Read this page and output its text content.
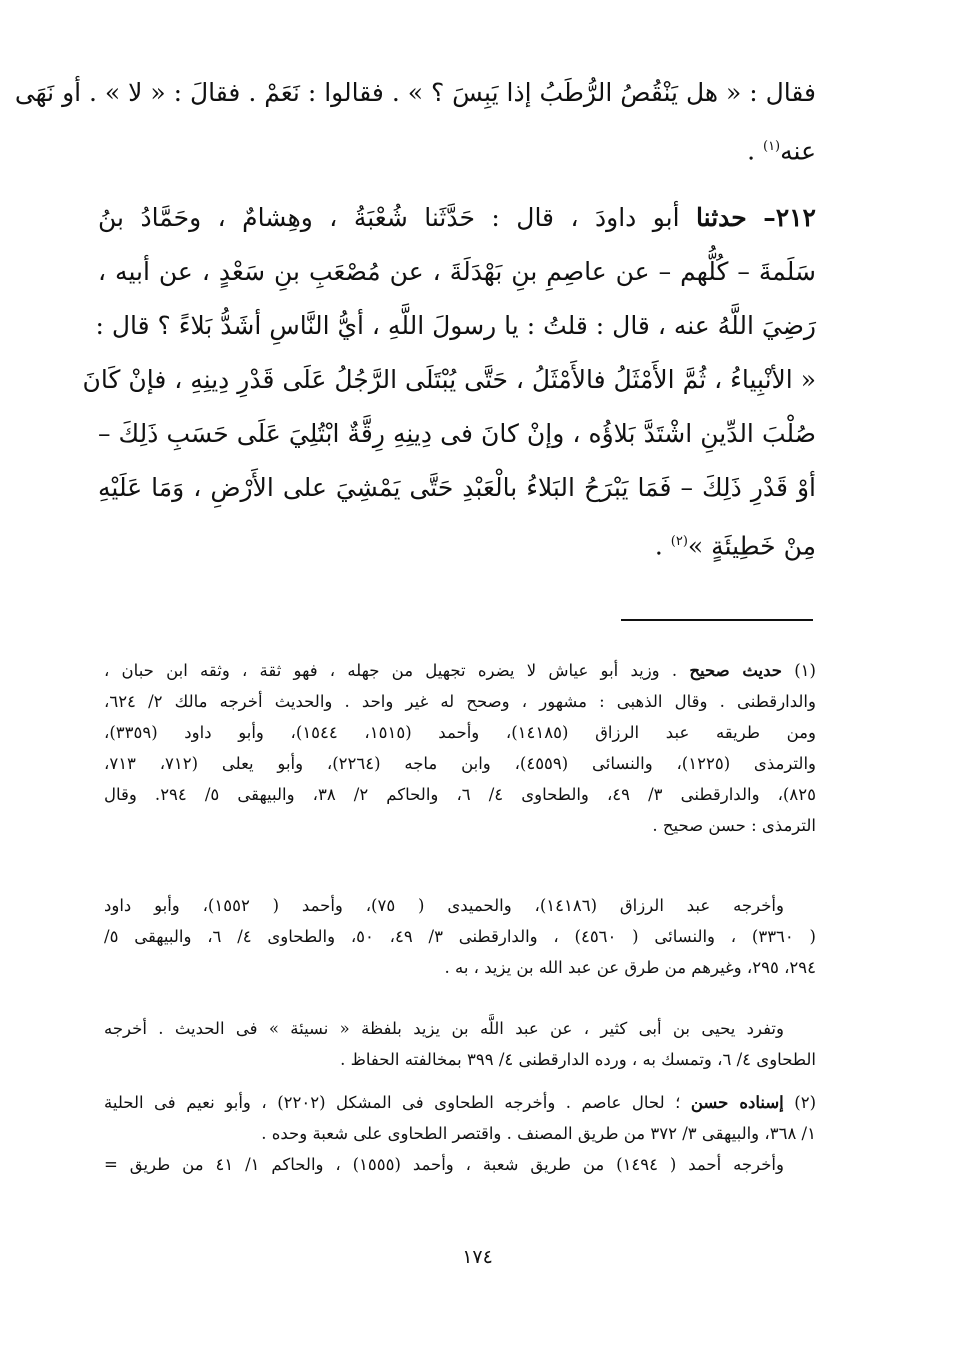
فقال : « هل يَنْقُصُ الرُّطَبُ إذا يَبِسَ ؟ » . فقالوا : نَعَمْ . فقالَ : « لا » . أو نَهَى
عنه$^{(١)}$ .
٢١٢– حدثنا أبو داودَ ، قال : حَدَّثَنا شُعْبَةُ ، وهِشامٌ ، وحَمَّادُ بنُ
سَلَمةَ – كُلُّهم – عن عاصِمِ بنِ بَهْدَلَةَ ، عن مُصْعَبِ بنِ سَعْدٍ ، عن أبيه ،
رَضِيَ اللَّهُ عنه ، قال : قلتُ : يا رسولَ اللَّهِ ، أيُّ النَّاسِ أشَدُّ بَلاءً ؟ قال :
« الأنْبِياءُ ، ثُمَّ الأَمْثَلُ فالأَمْثَلُ ، حَتَّى يُبْتَلَى الرَّجُلُ عَلَى قَدْرِ دِينِهِ ، فإنْ كَانَ
صُلْبَ الدِّينِ اشْتَدَّ بَلاؤُه ، وإنْ كانَ فى دِينِهِ رِقَّةٌ ابْتُلِيَ عَلَى حَسَبِ ذَلِكَ –
أوْ قَدْرِ ذَلِكَ – فَمَا يَبْرَحُ البَلاءُ بالْعَبْدِ حَتَّى يَمْشِيَ على الأَرْضِ ، وَمَا عَلَيْهِ
مِنْ خَطِيئَةٍ »$^{(٢)}$ .
(١) حديث صحيح . وزيد أبو عياش لا يضره تجهيل من جهله ، فهو ثقة ، وثقه ابن حبان ،
والدارقطنى . وقال الذهبى : مشهور ، وصحح له غير واحد . والحديث أخرجه مالك ٢/ ٦٢٤،
ومن طريقه عبد الرزاق (١٤١٨٥)، وأحمد (١٥١٥، ١٥٤٤)، وأبو داود (٣٣٥٩)،
والترمذى (١٢٢٥)، والنسائى (٤٥٥٩)، وابن ماجه (٢٢٦٤)، وأبو يعلى (٧١٢، ٧١٣،
٨٢٥)، والدارقطنى ٣/ ٤٩، والطحاوى ٤/ ٦، والحاكم ٢/ ٣٨، والبيهقى ٥/ ٢٩٤. وقال
الترمذى : حسن صحيح .
وأخرجه عبد الرزاق (١٤١٨٦)، والحميدى ( ٧٥)، وأحمد ( ١٥٥٢)، وأبو داود
( ٣٣٦٠) ، والنسائى ( ٤٥٦٠) ، والدارقطنى ٣/ ٤٩، ٥٠، والطحاوى ٤/ ٦، والبيهقى ٥/
٢٩٤، ٢٩٥، وغيرهم من طرق عن عبد الله بن يزيد ، به .
وتفرد يحيى بن أبى كثير ، عن عبد اللَّه بن يزيد بلفظة « نسيئة » فى الحديث . أخرجه
الطحاوى ٤/ ٦، وتمسك به ، ورده الدارقطنى ٤/ ٣٩٩ بمخالفته الحفاظ .
(٢) إسناده حسن ؛ لحال عاصم . وأخرجه الطحاوى فى المشكل (٢٢٠٢) ، وأبو نعيم فى الحلية
١/ ٣٦٨، والبيهقى ٣/ ٣٧٢ من طريق المصنف . واقتصر الطحاوى على شعبة وحده .
وأخرجه أحمد ( ١٤٩٤) من طريق شعبة ، وأحمد (١٥٥٥) ، والحاكم ١/ ٤١ من طريق =
١٧٤
